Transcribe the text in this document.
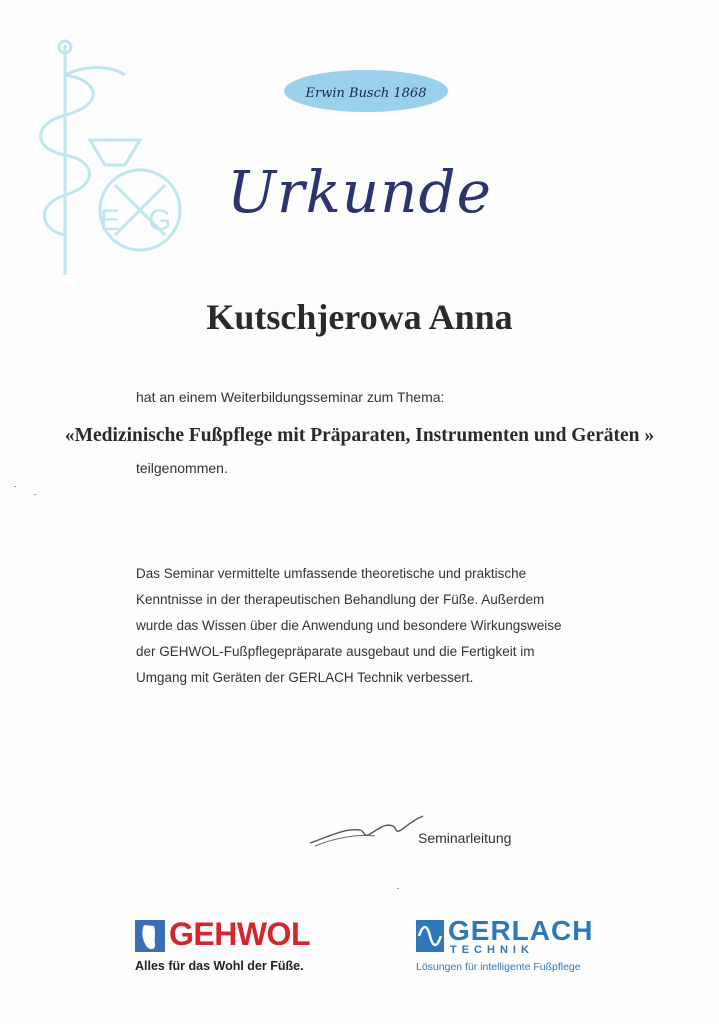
E G
Erwin Busch 1868
Urkunde
Kutschjerowa Anna
hat an einem Weiterbildungsseminar zum Thema:
«Medizinische Fußpflege mit Präparaten, Instrumenten und Geräten »
teilgenommen.
Das Seminar vermittelte umfassende theoretische und praktische
Kenntnisse in der therapeutischen Behandlung der Füße. Außerdem
wurde das Wissen über die Anwendung und besondere Wirkungsweise
der GEHWOL-Fußpflegepräparate ausgebaut und die Fertigkeit im
Umgang mit Geräten der GERLACH Technik verbessert.
Seminarleitung
GEHWOL
Alles für das Wohl der Füße.
GERLACH
TECHNIK
Lösungen für intelligente Fußpflege
